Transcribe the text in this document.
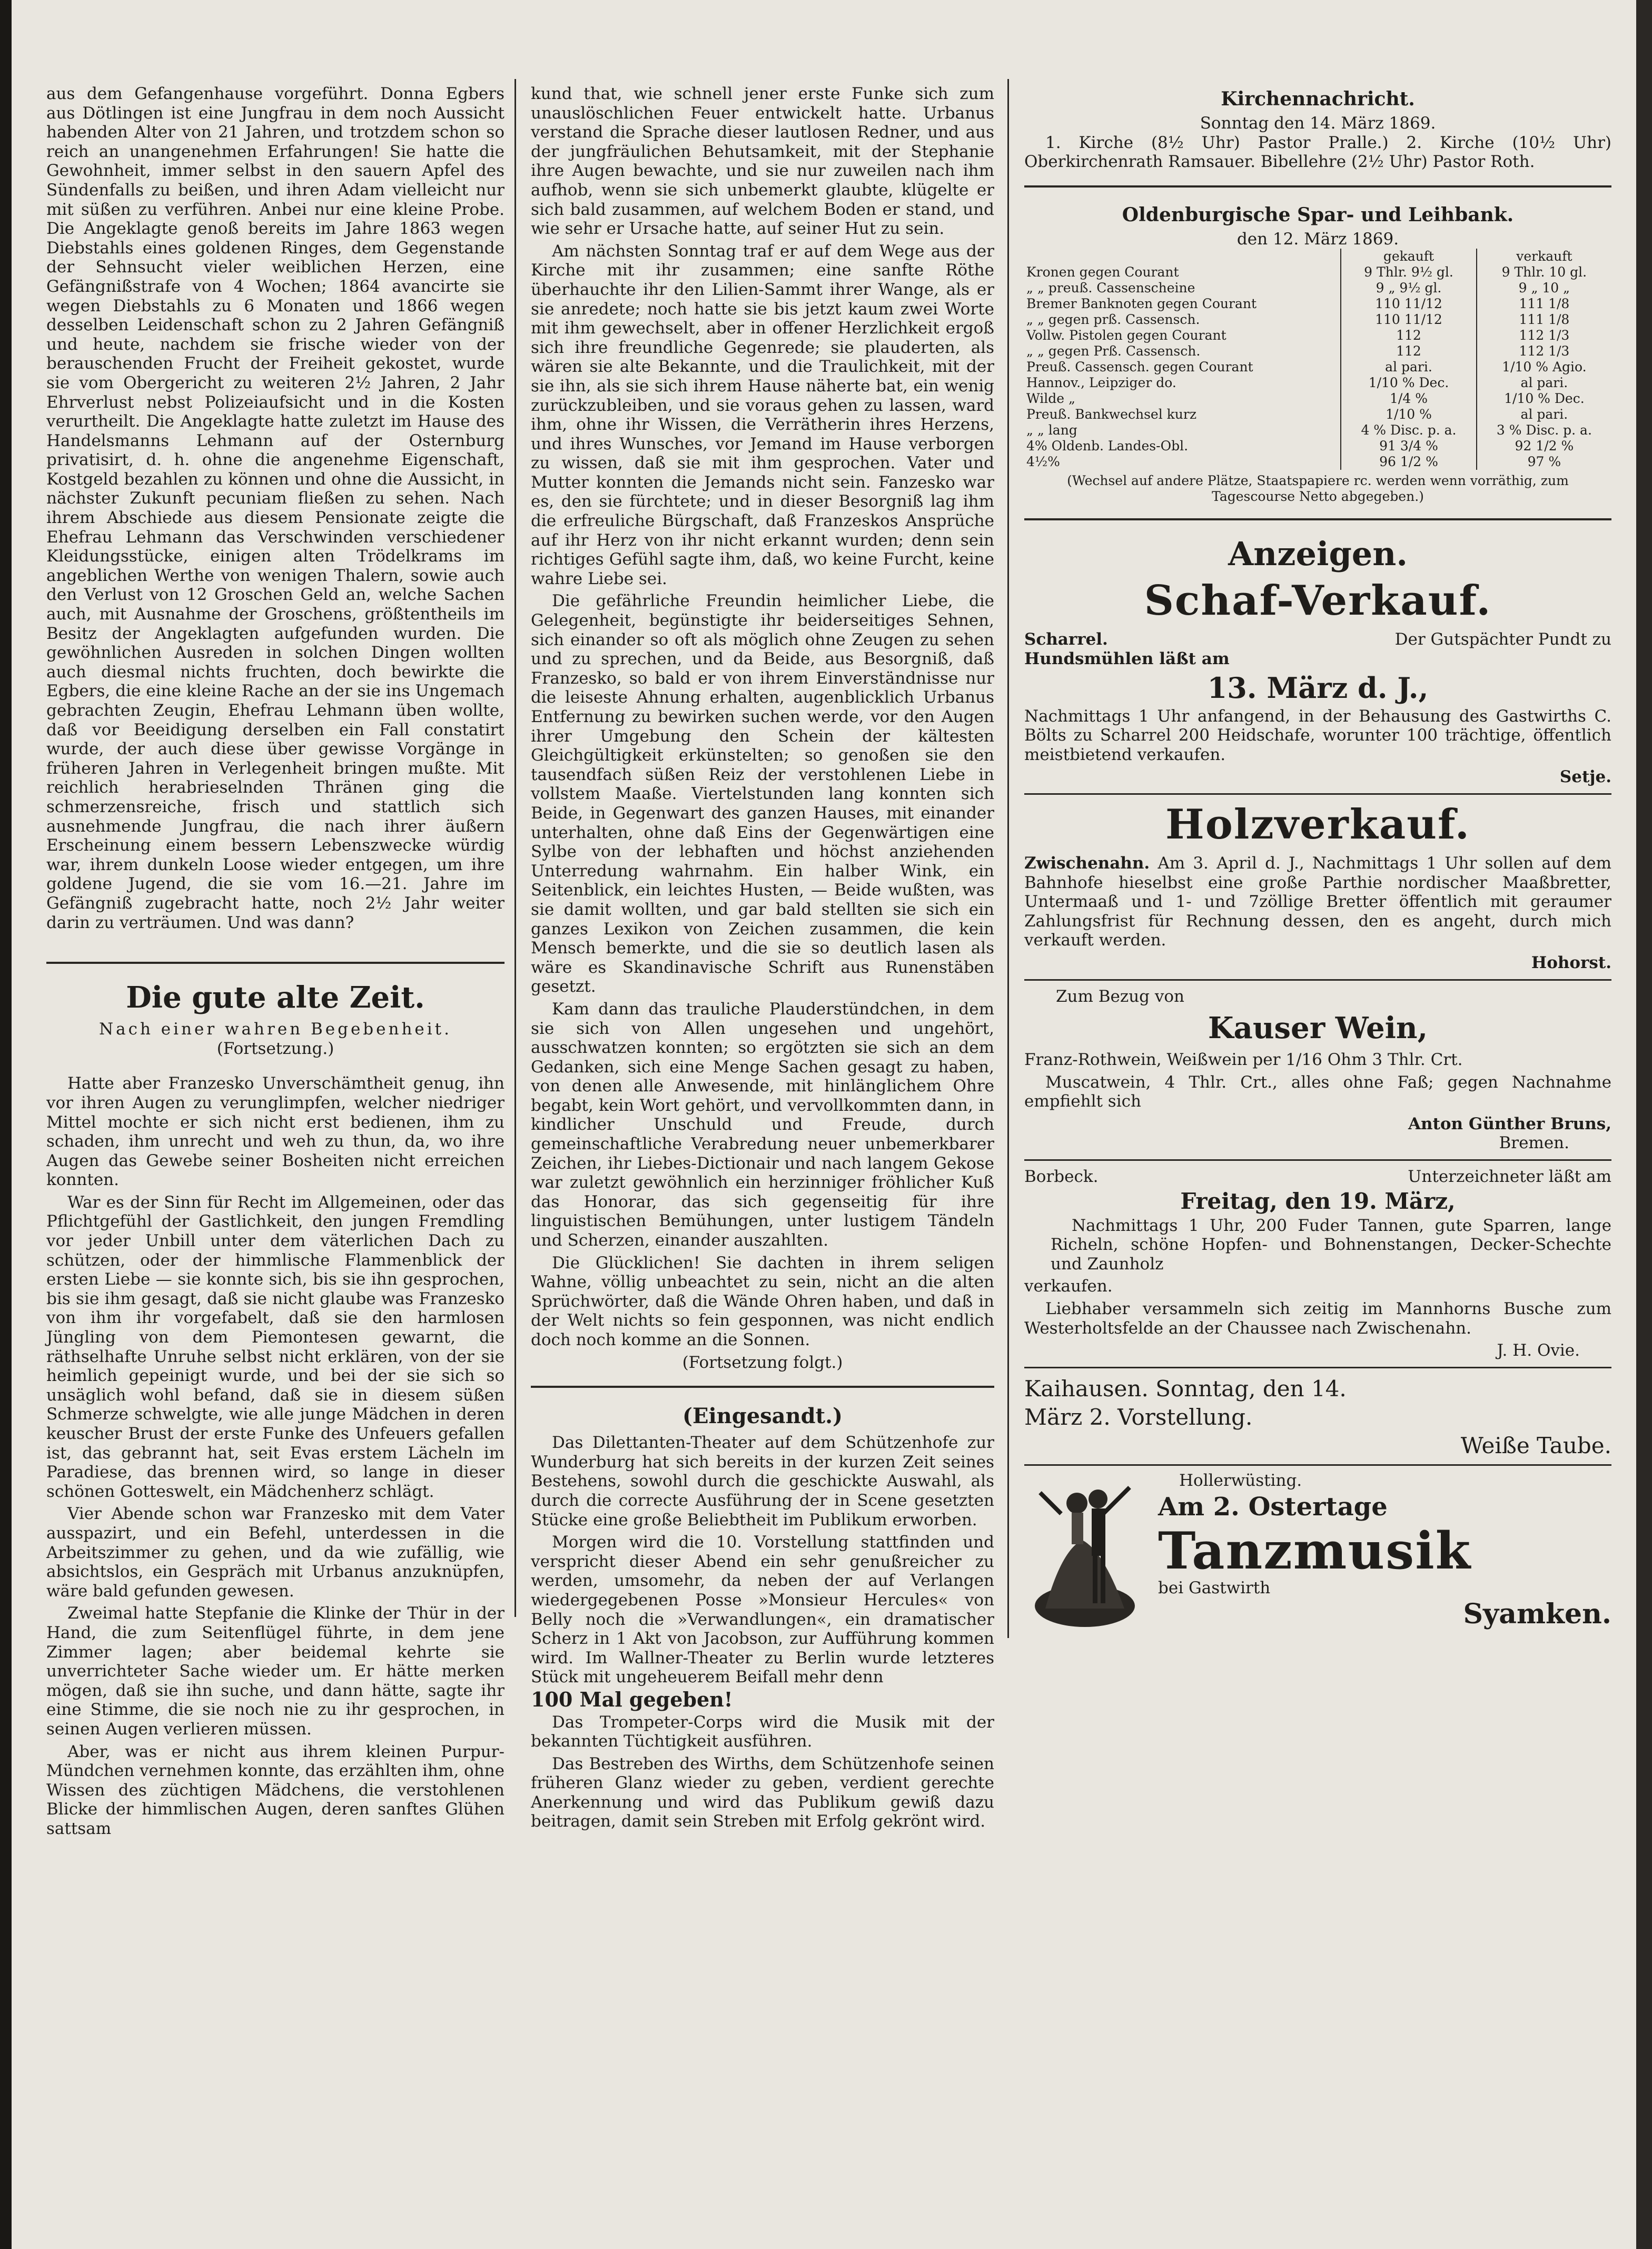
aus dem Gefangenhause vorgeführt. Donna Egbers aus Dötlingen ist eine Jungfrau in dem noch Aussicht habenden Alter von 21 Jahren, und trotzdem schon so reich an unangenehmen Erfahrungen! Sie hatte die Gewohnheit, immer selbst in den sauern Apfel des Sündenfalls zu beißen, und ihren Adam vielleicht nur mit süßen zu verführen. Anbei nur eine kleine Probe. Die Angeklagte genoß bereits im Jahre 1863 wegen Diebstahls eines goldenen Ringes, dem Gegenstande der Sehnsucht vieler weiblichen Herzen, eine Gefängnißstrafe von 4 Wochen; 1864 avancirte sie wegen Diebstahls zu 6 Monaten und 1866 wegen desselben Leidenschaft schon zu 2 Jahren Gefängniß und heute, nachdem sie frische wieder von der berauschenden Frucht der Freiheit gekostet, wurde sie vom Obergericht zu weiteren 2½ Jahren, 2 Jahr Ehrverlust nebst Polizeiaufsicht und in die Kosten verurtheilt. Die Angeklagte hatte zuletzt im Hause des Handelsmanns Lehmann auf der Osternburg privatisirt, d. h. ohne die angenehme Eigenschaft, Kostgeld bezahlen zu können und ohne die Aussicht, in nächster Zukunft pecuniam fließen zu sehen. Nach ihrem Abschiede aus diesem Pensionate zeigte die Ehefrau Lehmann das Verschwinden verschiedener Kleidungsstücke, einigen alten Trödelkrams im angeblichen Werthe von wenigen Thalern, sowie auch den Verlust von 12 Groschen Geld an, welche Sachen auch, mit Ausnahme der Groschens, größtentheils im Besitz der Angeklagten aufgefunden wurden. Die gewöhnlichen Ausreden in solchen Dingen wollten auch diesmal nichts fruchten, doch bewirkte die Egbers, die eine kleine Rache an der sie ins Ungemach gebrachten Zeugin, Ehefrau Lehmann üben wollte, daß vor Beeidigung derselben ein Fall constatirt wurde, der auch diese über gewisse Vorgänge in früheren Jahren in Verlegenheit bringen mußte. Mit reichlich herabrieselnden Thränen ging die schmerzensreiche, frisch und stattlich sich ausnehmende Jungfrau, die nach ihrer äußern Erscheinung einem bessern Lebenszwecke würdig war, ihrem dunkeln Loose wieder entgegen, um ihre goldene Jugend, die sie vom 16.—21. Jahre im Gefängniß zugebracht hatte, noch 2½ Jahr weiter darin zu verträumen. Und was dann?

Die gute alte Zeit.
Nach einer wahren Begebenheit.
(Fortsetzung.)

Hatte aber Franzesko Unverschämtheit genug, ihn vor ihren Augen zu verunglimpfen, welcher niedriger Mittel mochte er sich nicht erst bedienen, ihm zu schaden, ihm unrecht und weh zu thun, da, wo ihre Augen das Gewebe seiner Bosheiten nicht erreichen konnten.

War es der Sinn für Recht im Allgemeinen, oder das Pflichtgefühl der Gastlichkeit, den jungen Fremdling vor jeder Unbill unter dem väterlichen Dach zu schützen, oder der himmlische Flammenblick der ersten Liebe — sie konnte sich, bis sie ihn gesprochen, bis sie ihm gesagt, daß sie nicht glaube was Franzesko von ihm ihr vorgefabelt, daß sie den harmlosen Jüngling von dem Piemontesen gewarnt, die räthselhafte Unruhe selbst nicht erklären, von der sie heimlich gepeinigt wurde, und bei der sie sich so unsäglich wohl befand, daß sie in diesem süßen Schmerze schwelgte, wie alle junge Mädchen in deren keuscher Brust der erste Funke des Unfeuers gefallen ist, das gebrannt hat, seit Evas erstem Lächeln im Paradiese, das brennen wird, so lange in dieser schönen Gotteswelt, ein Mädchenherz schlägt.

Vier Abende schon war Franzesko mit dem Vater ausspazirt, und ein Befehl, unterdessen in die Arbeitszimmer zu gehen, und da wie zufällig, wie absichtslos, ein Gespräch mit Urbanus anzuknüpfen, wäre bald gefunden gewesen.

Zweimal hatte Stepfanie die Klinke der Thür in der Hand, die zum Seitenflügel führte, in dem jene Zimmer lagen; aber beidemal kehrte sie unverrichteter Sache wieder um. Er hätte merken mögen, daß sie ihn suche, und dann hätte, sagte ihr eine Stimme, die sie noch nie zu ihr gesprochen, in seinen Augen verlieren müssen.

Aber, was er nicht aus ihrem kleinen Purpur-Mündchen vernehmen konnte, das erzählten ihm, ohne Wissen des züchtigen Mädchens, die verstohlenen Blicke der himmlischen Augen, deren sanftes Glühen sattsam

kund that, wie schnell jener erste Funke sich zum unauslöschlichen Feuer entwickelt hatte. Urbanus verstand die Sprache dieser lautlosen Redner, und aus der jungfräulichen Behutsamkeit, mit der Stephanie ihre Augen bewachte, und sie nur zuweilen nach ihm aufhob, wenn sie sich unbemerkt glaubte, klügelte er sich bald zusammen, auf welchem Boden er stand, und wie sehr er Ursache hatte, auf seiner Hut zu sein.

Am nächsten Sonntag traf er auf dem Wege aus der Kirche mit ihr zusammen; eine sanfte Röthe überhauchte ihr den Lilien-Sammt ihrer Wange, als er sie anredete; noch hatte sie bis jetzt kaum zwei Worte mit ihm gewechselt, aber in offener Herzlichkeit ergoß sich ihre freundliche Gegenrede; sie plauderten, als wären sie alte Bekannte, und die Traulichkeit, mit der sie ihn, als sie sich ihrem Hause näherte bat, ein wenig zurückzubleiben, und sie voraus gehen zu lassen, ward ihm, ohne ihr Wissen, die Verrätherin ihres Herzens, und ihres Wunsches, vor Jemand im Hause verborgen zu wissen, daß sie mit ihm gesprochen. Vater und Mutter konnten die Jemands nicht sein. Fanzesko war es, den sie fürchtete; und in dieser Besorgniß lag ihm die erfreuliche Bürgschaft, daß Franzeskos Ansprüche auf ihr Herz von ihr nicht erkannt wurden; denn sein richtiges Gefühl sagte ihm, daß, wo keine Furcht, keine wahre Liebe sei.

Die gefährliche Freundin heimlicher Liebe, die Gelegenheit, begünstigte ihr beiderseitiges Sehnen, sich einander so oft als möglich ohne Zeugen zu sehen und zu sprechen, und da Beide, aus Besorgniß, daß Franzesko, so bald er von ihrem Einverständnisse nur die leiseste Ahnung erhalten, augenblicklich Urbanus Entfernung zu bewirken suchen werde, vor den Augen ihrer Umgebung den Schein der kältesten Gleichgültigkeit erkünstelten; so genoßen sie den tausendfach süßen Reiz der verstohlenen Liebe in vollstem Maaße. Viertelstunden lang konnten sich Beide, in Gegenwart des ganzen Hauses, mit einander unterhalten, ohne daß Eins der Gegenwärtigen eine Sylbe von der lebhaften und höchst anziehenden Unterredung wahrnahm. Ein halber Wink, ein Seitenblick, ein leichtes Husten, — Beide wußten, was sie damit wollten, und gar bald stellten sie sich ein ganzes Lexikon von Zeichen zusammen, die kein Mensch bemerkte, und die sie so deutlich lasen als wäre es Skandinavische Schrift aus Runenstäben gesetzt.

Kam dann das trauliche Plauderstündchen, in dem sie sich von Allen ungesehen und ungehört, ausschwatzen konnten; so ergötzten sie sich an dem Gedanken, sich eine Menge Sachen gesagt zu haben, von denen alle Anwesende, mit hinlänglichem Ohre begabt, kein Wort gehört, und vervollkommten dann, in kindlicher Unschuld und Freude, durch gemeinschaftliche Verabredung neuer unbemerkbarer Zeichen, ihr Liebes-Dictionair und nach langem Gekose war zuletzt gewöhnlich ein herzinniger fröhlicher Kuß das Honorar, das sich gegenseitig für ihre linguistischen Bemühungen, unter lustigem Tändeln und Scherzen, einander auszahlten.

Die Glücklichen! Sie dachten in ihrem seligen Wahne, völlig unbeachtet zu sein, nicht an die alten Sprüchwörter, daß die Wände Ohren haben, und daß in der Welt nichts so fein gesponnen, was nicht endlich doch noch komme an die Sonnen.

(Fortsetzung folgt.)
(Eingesandt.)

Das Dilettanten-Theater auf dem Schützenhofe zur Wunderburg hat sich bereits in der kurzen Zeit seines Bestehens, sowohl durch die geschickte Auswahl, als durch die correcte Ausführung der in Scene gesetzten Stücke eine große Beliebtheit im Publikum erworben.

Morgen wird die 10. Vorstellung stattfinden und verspricht dieser Abend ein sehr genußreicher zu werden, umsomehr, da neben der auf Verlangen wiedergegebenen Posse »Monsieur Hercules« von Belly noch die »Verwandlungen«, ein dramatischer Scherz in 1 Akt von Jacobson, zur Aufführung kommen wird. Im Wallner-Theater zu Berlin wurde letzteres Stück mit ungeheuerem Beifall mehr denn

100 Mal gegeben!

Das Trompeter-Corps wird die Musik mit der bekannten Tüchtigkeit ausführen.

Das Bestreben des Wirths, dem Schützenhofe seinen früheren Glanz wieder zu geben, verdient gerechte Anerkennung und wird das Publikum gewiß dazu beitragen, damit sein Streben mit Erfolg gekrönt wird.

Kirchennachricht.
Sonntag den 14. März 1869.

1. Kirche (8½ Uhr) Pastor Pralle.) 2. Kirche (10½ Uhr) Oberkirchenrath Ramsauer. Bibellehre (2½ Uhr) Pastor Roth.

Oldenburgische Spar- und Leihbank.
den 12. März 1869.
	gekauft	verkauft
Kronen gegen Courant	9 Thlr. 9½ gl.	9 Thlr. 10 gl.
„ „ preuß. Cassenscheine	9 „ 9½ gl.	9 „ 10 „
Bremer Banknoten gegen Courant	110 11/12	111 1/8
„ „ gegen prß. Cassensch.	110 11/12	111 1/8
Vollw. Pistolen gegen Courant	112	112 1/3
„ „ gegen Prß. Cassensch.	112	112 1/3
Preuß. Cassensch. gegen Courant	al pari.	1/10 % Agio.
Hannov., Leipziger do.	1/10 % Dec.	al pari.
Wilde „	1/4 %	1/10 % Dec.
Preuß. Bankwechsel kurz	1/10 %	al pari.
„ „ lang	4 % Disc. p. a.	3 % Disc. p. a.
4% Oldenb. Landes-Obl.	91 3/4 %	92 1/2 %
4½%	96 1/2 %	97 %
(Wechsel auf andere Plätze, Staatspapiere rc. werden wenn vorräthig, zum Tagescourse Netto abgegeben.)
Anzeigen.
Schaf-Verkauf.
Scharrel.	Der Gutspächter Pundt zu
Hundsmühlen läßt am
13. März d. J.,

Nachmittags 1 Uhr anfangend, in der Behausung des Gastwirths C. Bölts zu Scharrel 200 Heidschafe, worunter 100 trächtige, öffentlich meistbietend verkaufen.

Setje.
Holzverkauf.

Zwischenahn. Am 3. April d. J., Nachmittags 1 Uhr sollen auf dem Bahnhofe hieselbst eine große Parthie nordischer Maaßbretter, Untermaaß und 1- und 7zöllige Bretter öffentlich mit geraumer Zahlungsfrist für Rechnung dessen, den es angeht, durch mich verkauft werden.

Hohorst.
Zum Bezug von
Kauser Wein,

Franz-Rothwein, Weißwein per 1/16 Ohm 3 Thlr. Crt.

Muscatwein, 4 Thlr. Crt., alles ohne Faß; gegen Nachnahme empfiehlt sich

Anton Günther Bruns,
Bremen.
Borbeck.	Unterzeichneter läßt am
Freitag, den 19. März,

Nachmittags 1 Uhr, 200 Fuder Tannen, gute Sparren, lange Richeln, schöne Hopfen- und Bohnenstangen, Decker-Schechte und Zaunholz

verkaufen.

Liebhaber versammeln sich zeitig im Mannhorns Busche zum Westerholtsfelde an der Chaussee nach Zwischenahn.

J. H. Ovie.
Kaihausen. Sonntag, den 14.
März 2. Vorstellung.
Weiße Taube.
Hollerwüsting.
Am 2. Ostertage
Tanzmusik
bei Gastwirth
Syamken.
